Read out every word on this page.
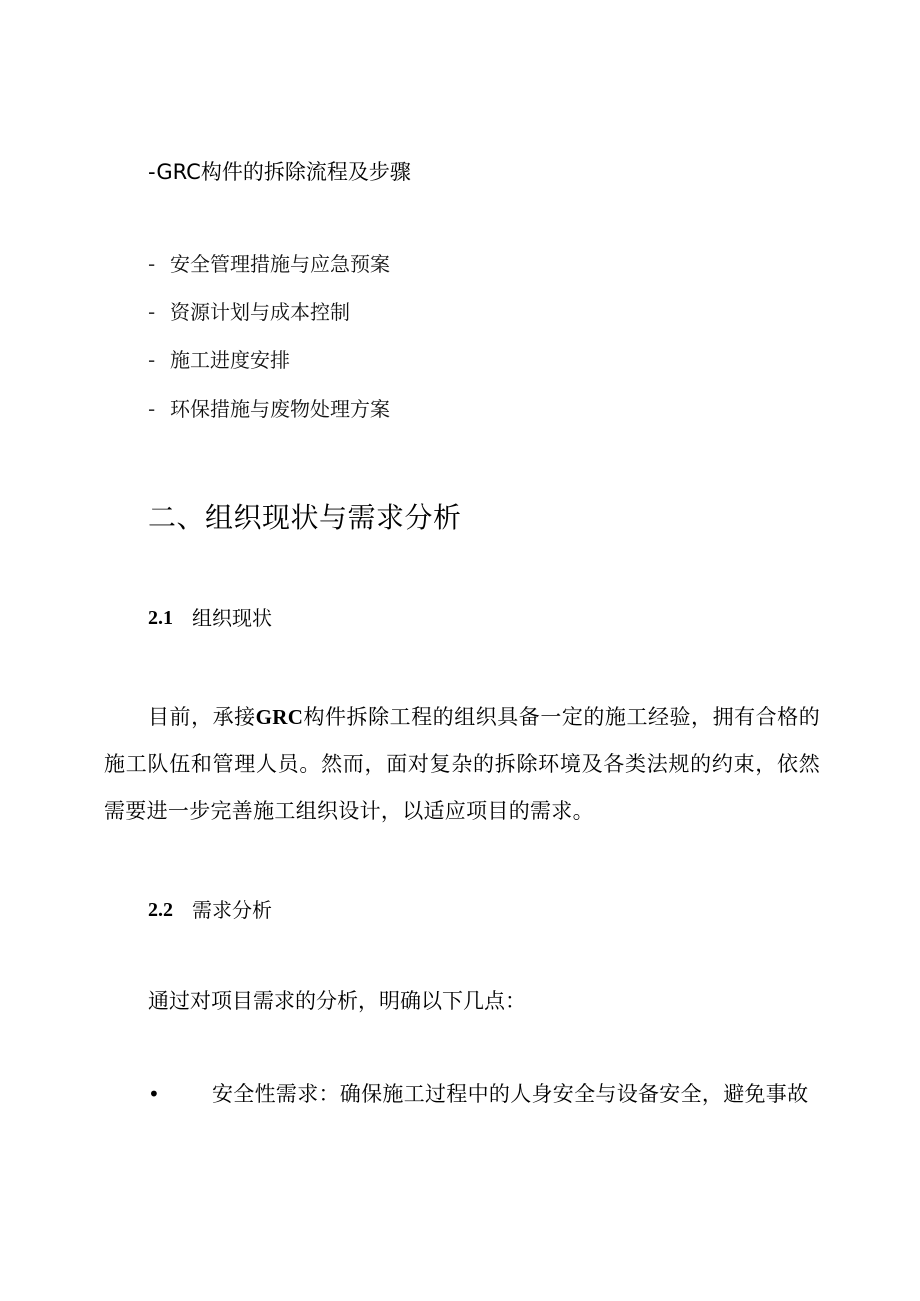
-GRC构件的拆除流程及步骤
- 安全管理措施与应急预案
- 资源计划与成本控制
- 施工进度安排
- 环保措施与废物处理方案
二、组织现状与需求分析
2.1 组织现状
目前，承接GRC构件拆除工程的组织具备一定的施工经验，拥有合格的施工队伍和管理人员。然而，面对复杂的拆除环境及各类法规的约束，依然需要进一步完善施工组织设计，以适应项目的需求。
2.2 需求分析
通过对项目需求的分析，明确以下几点：
• 安全性需求：确保施工过程中的人身安全与设备安全，避免事故
